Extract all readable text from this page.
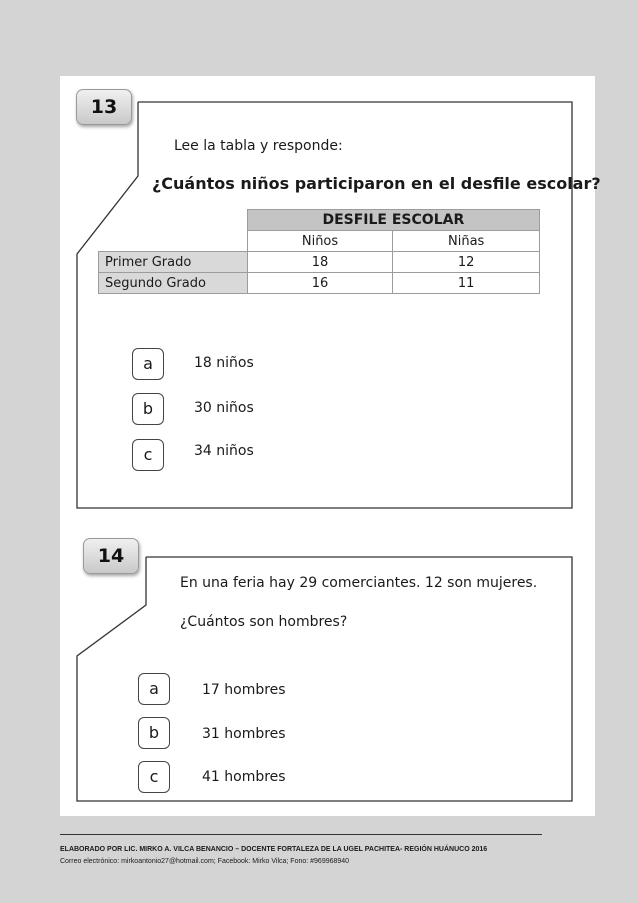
13
Lee la tabla y responde:
¿Cuántos niños participaron en el desfile escolar?
	DESFILE ESCOLAR	
	Niños	Niñas
Primer Grado	18	12
Segundo Grado	16	11
a	18 niños
b	30 niños
c	34 niños
14
En una feria hay 29 comerciantes. 12 son mujeres.
¿Cuántos son hombres?
a	17 hombres
b	31 hombres
c	41 hombres
ELABORADO POR LIC. MIRKO A. VILCA BENANCIO – DOCENTE FORTALEZA DE LA UGEL PACHITEA- REGIÓN HUÁNUCO 2016
Correo electrónico: mirkoantonio27@hotmail.com; Facebook: Mirko Vilca; Fono: #969968940
